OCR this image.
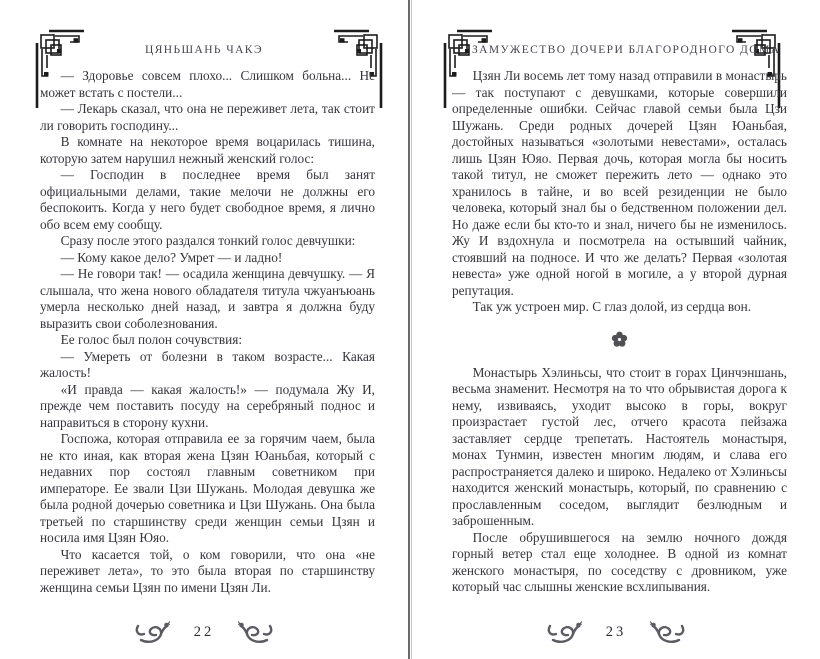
ЦЯНЬШАНЬ ЧАКЭ

— Здоровье совсем плохо... Слишком больна... Не может встать с постели...

— Лекарь сказал, что она не переживет лета, так стоит ли говорить господину...

В комнате на некоторое время воцарилась тишина, которую затем нарушил нежный женский голос:

— Господин в последнее время был занят официальными делами, такие мелочи не должны его беспокоить. Когда у него будет свободное время, я лично обо всем ему сообщу.

Сразу после этого раздался тонкий голос девчушки:

— Кому какое дело? Умрет — и ладно!

— Не говори так! — осадила женщина девчушку. — Я слышала, что жена нового обладателя титула чжуанъюань умерла несколько дней назад, и завтра я должна буду выразить свои соболезнования.

Ее голос был полон сочувствия:

— Умереть от болезни в таком возрасте... Какая жалость!

«И правда — какая жалость!» — подумала Жу И, прежде чем поставить посуду на серебряный поднос и направиться в сторону кухни.

Госпожа, которая отправила ее за горячим чаем, была не кто иная, как вторая жена Цзян Юаньбая, который с недавних пор состоял главным советником при императоре. Ее звали Цзи Шужань. Молодая девушка же была родной дочерью советника и Цзи Шужань. Она была третьей по старшинству среди женщин семьи Цзян и носила имя Цзян Юяо.

Что касается той, о ком говорили, что она «не переживет лета», то это была вторая по старшинству женщина семьи Цзян по имени Цзян Ли.

22
ЗАМУЖЕСТВО ДОЧЕРИ БЛАГОРОДНОГО ДОМА

Цзян Ли восемь лет тому назад отправили в монастырь — так поступают с девушками, которые совершили определенные ошибки. Сейчас главой семьи была Цзи Шужань. Среди родных дочерей Цзян Юаньбая, достойных называться «золотыми невестами», осталась лишь Цзян Юяо. Первая дочь, которая могла бы носить такой титул, не сможет пережить лето — однако это хранилось в тайне, и во всей резиденции не было человека, который знал бы о бедственном положении дел. Но даже если бы кто-то и знал, ничего бы не изменилось. Жу И вздохнула и посмотрела на остывший чайник, стоявший на подносе. И что же делать? Первая «золотая невеста» уже одной ногой в могиле, а у второй дурная репутация.

Так уж устроен мир. С глаз долой, из сердца вон.

Монастырь Хэлиньсы, что стоит в горах Цинчэншань, весьма знаменит. Несмотря на то что обрывистая дорога к нему, извиваясь, уходит высоко в горы, вокруг произрастает густой лес, отчего красота пейзажа заставляет сердце трепетать. Настоятель монастыря, монах Тунмин, известен многим людям, и слава его распространяется далеко и широко. Недалеко от Хэлиньсы находится женский монастырь, который, по сравнению с прославленным соседом, выглядит безлюдным и заброшенным.

После обрушившегося на землю ночного дождя горный ветер стал еще холоднее. В одной из комнат женского монастыря, по соседству с дровником, уже который час слышны женские всхлипывания.

23
